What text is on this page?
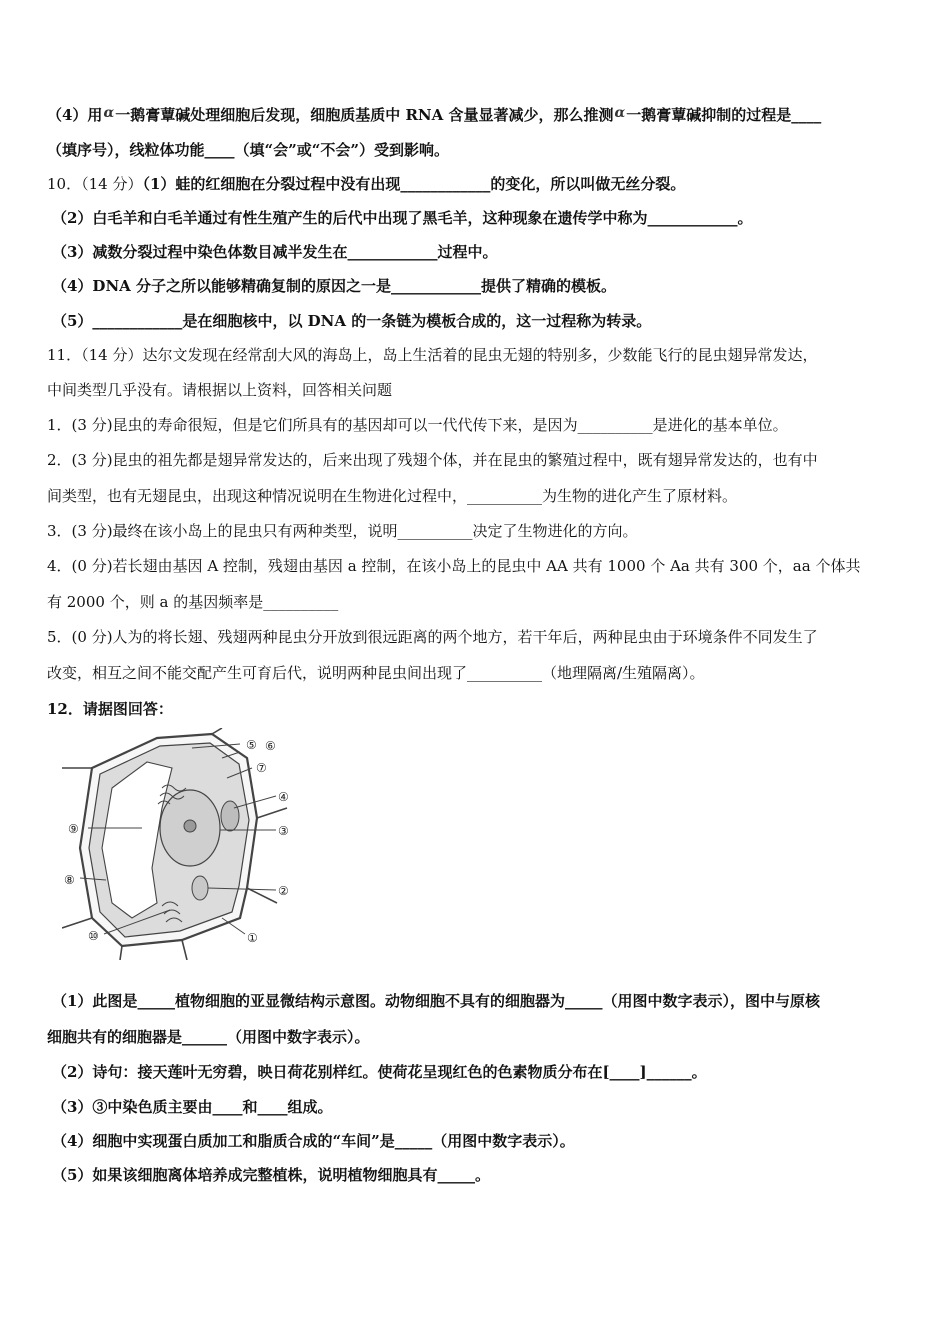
（4）用α一鹅膏蕈碱处理细胞后发现，细胞质基质中 RNA 含量显著减少，那么推测α一鹅膏蕈碱抑制的过程是____
（填序号），线粒体功能____（填“会”或“不会”）受到影响。
10．（14 分）（1）蛙的红细胞在分裂过程中没有出现____________的变化，所以叫做无丝分裂。
（2）白毛羊和白毛羊通过有性生殖产生的后代中出现了黑毛羊，这种现象在遗传学中称为____________。
（3）减数分裂过程中染色体数目减半发生在____________过程中。
（4）DNA 分子之所以能够精确复制的原因之一是____________提供了精确的模板。
（5）____________是在细胞核中，以 DNA 的一条链为模板合成的，这一过程称为转录。
11．（14 分）达尔文发现在经常刮大风的海岛上，岛上生活着的昆虫无翅的特别多，少数能飞行的昆虫翅异常发达，
中间类型几乎没有。请根据以上资料，回答相关问题
1．(3 分)昆虫的寿命很短，但是它们所具有的基因却可以一代代传下来，是因为__________是进化的基本单位。
2．(3 分)昆虫的祖先都是翅异常发达的，后来出现了残翅个体，并在昆虫的繁殖过程中，既有翅异常发达的，也有中
间类型，也有无翅昆虫，出现这种情况说明在生物进化过程中，__________为生物的进化产生了原材料。
3．(3 分)最终在该小岛上的昆虫只有两种类型，说明__________决定了生物进化的方向。
4．(0 分)若长翅由基因 A 控制，残翅由基因 a 控制，在该小岛上的昆虫中 AA 共有 1000 个 Aa 共有 300 个，aa 个体共
有 2000 个，则 a 的基因频率是__________
5．(0 分)人为的将长翅、残翅两种昆虫分开放到很远距离的两个地方，若干年后，两种昆虫由于环境条件不同发生了
改变，相互之间不能交配产生可育后代，说明两种昆虫间出现了__________（地理隔离/生殖隔离）。
12．请据图回答：
⑤ ⑥
⑦
④
③
②
①
⑨
⑧
⑩
（1）此图是_____植物细胞的亚显微结构示意图。动物细胞不具有的细胞器为_____（用图中数字表示），图中与原核
细胞共有的细胞器是______（用图中数字表示）。
（2）诗句：接天莲叶无穷碧，映日荷花别样红。使荷花呈现红色的色素物质分布在[____]______。
（3）③中染色质主要由____和____组成。
（4）细胞中实现蛋白质加工和脂质合成的“车间”是_____（用图中数字表示）。
（5）如果该细胞离体培养成完整植株，说明植物细胞具有_____。
